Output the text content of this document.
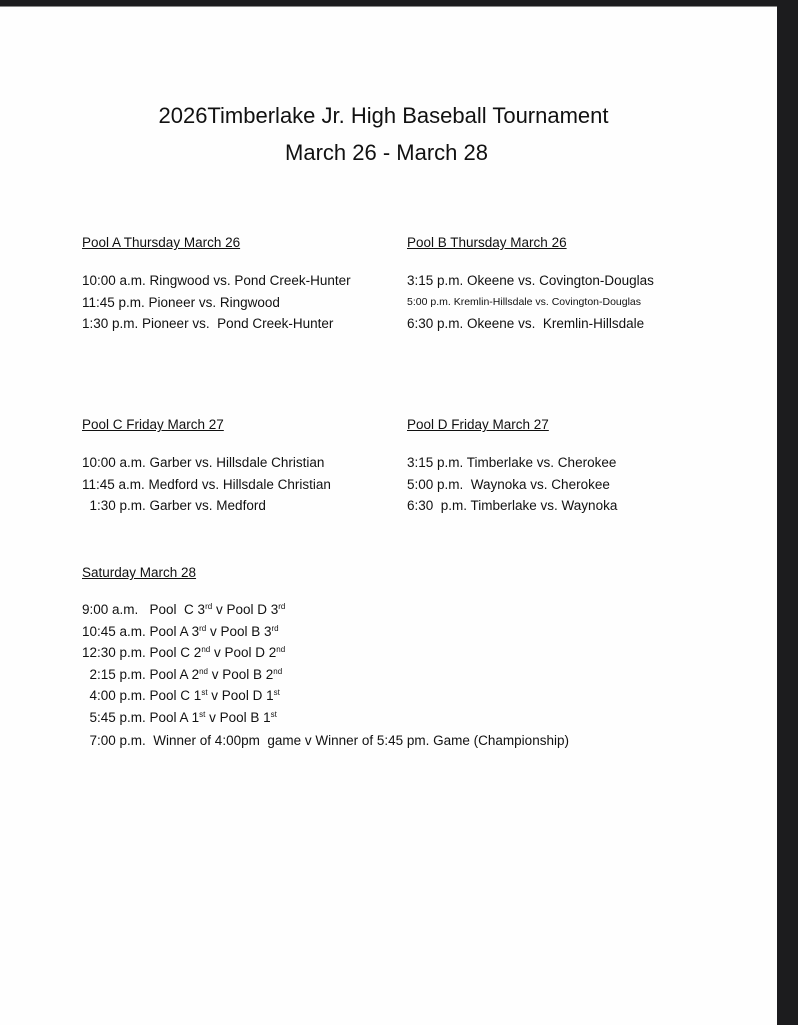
2026Timberlake Jr. High Baseball Tournament
March 26 - March 28
Pool A Thursday March 26
10:00 a.m. Ringwood vs. Pond Creek-Hunter
11:45 p.m. Pioneer vs. Ringwood
1:30 p.m. Pioneer vs.  Pond Creek-Hunter
Pool B Thursday March 26
3:15 p.m. Okeene vs. Covington-Douglas
5:00 p.m. Kremlin-Hillsdale vs. Covington-Douglas
6:30 p.m. Okeene vs.  Kremlin-Hillsdale
Pool C Friday March 27
10:00 a.m. Garber vs. Hillsdale Christian
11:45 a.m. Medford vs. Hillsdale Christian
1:30 p.m. Garber vs. Medford
Pool D Friday March 27
3:15 p.m. Timberlake vs. Cherokee
5:00 p.m.  Waynoka vs. Cherokee
6:30  p.m. Timberlake vs. Waynoka
Saturday March 28
9:00 a.m.   Pool  C 3rd v Pool D 3rd
10:45 a.m. Pool A 3rd v Pool B 3rd
12:30 p.m. Pool C 2nd v Pool D 2nd
2:15 p.m. Pool A 2nd v Pool B 2nd
4:00 p.m. Pool C 1st v Pool D 1st
5:45 p.m. Pool A 1st v Pool B 1st
7:00 p.m.  Winner of 4:00pm  game v Winner of 5:45 pm. Game (Championship)
